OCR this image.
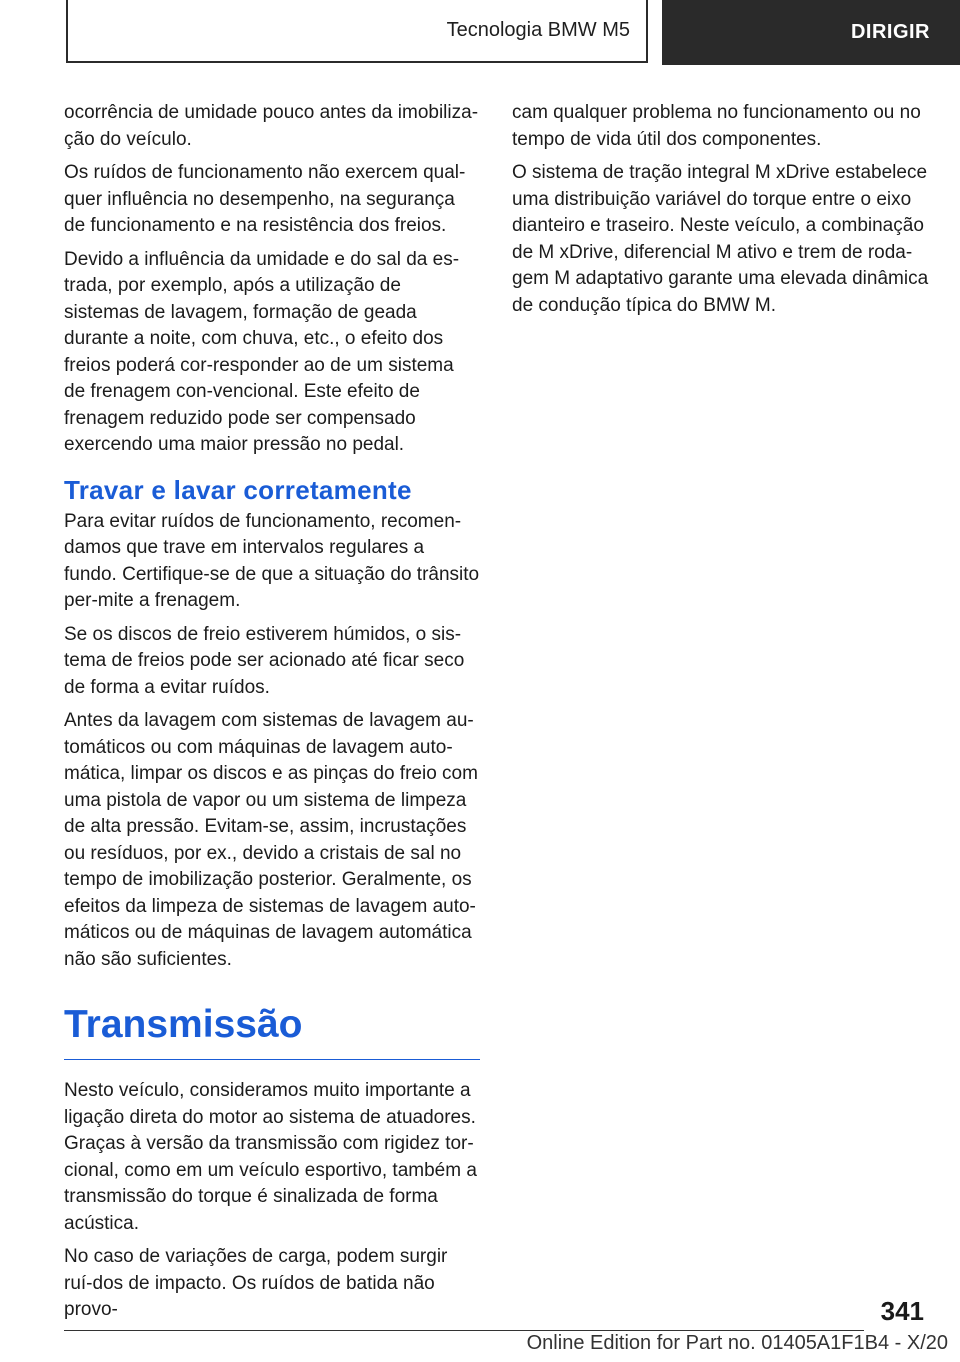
Tecnologia BMW M5	DIRIGIR

ocorrência de umidade pouco antes da imobiliza-ção do veículo.

Os ruídos de funcionamento não exercem qual-quer influência no desempenho, na segurança de funcionamento e na resistência dos freios.

Devido a influência da umidade e do sal da es-trada, por exemplo, após a utilização de sistemas de lavagem, formação de geada durante a noite, com chuva, etc., o efeito dos freios poderá cor-responder ao de um sistema de frenagem con-vencional. Este efeito de frenagem reduzido pode ser compensado exercendo uma maior pressão no pedal.

Travar e lavar corretamente

Para evitar ruídos de funcionamento, recomen-damos que trave em intervalos regulares a fundo. Certifique-se de que a situação do trânsito per-mite a frenagem.

Se os discos de freio estiverem húmidos, o sis-tema de freios pode ser acionado até ficar seco de forma a evitar ruídos.

Antes da lavagem com sistemas de lavagem au-tomáticos ou com máquinas de lavagem auto-mática, limpar os discos e as pinças do freio com uma pistola de vapor ou um sistema de limpeza de alta pressão. Evitam-se, assim, incrustações ou resíduos, por ex., devido a cristais de sal no tempo de imobilização posterior. Geralmente, os efeitos da limpeza de sistemas de lavagem auto-máticos ou de máquinas de lavagem automática não são suficientes.

Transmissão

Nesto veículo, consideramos muito importante a ligação direta do motor ao sistema de atuadores. Graças à versão da transmissão com rigidez tor-cional, como em um veículo esportivo, também a transmissão do torque é sinalizada de forma acústica.

No caso de variações de carga, podem surgir ruí-dos de impacto. Os ruídos de batida não provo-

cam qualquer problema no funcionamento ou no tempo de vida útil dos componentes.

O sistema de tração integral M xDrive estabelece uma distribuição variável do torque entre o eixo dianteiro e traseiro. Neste veículo, a combinação de M xDrive, diferencial M ativo e trem de roda-gem M adaptativo garante uma elevada dinâmica de condução típica do BMW M.

341
Online Edition for Part no. 01405A1F1B4 - X/20
